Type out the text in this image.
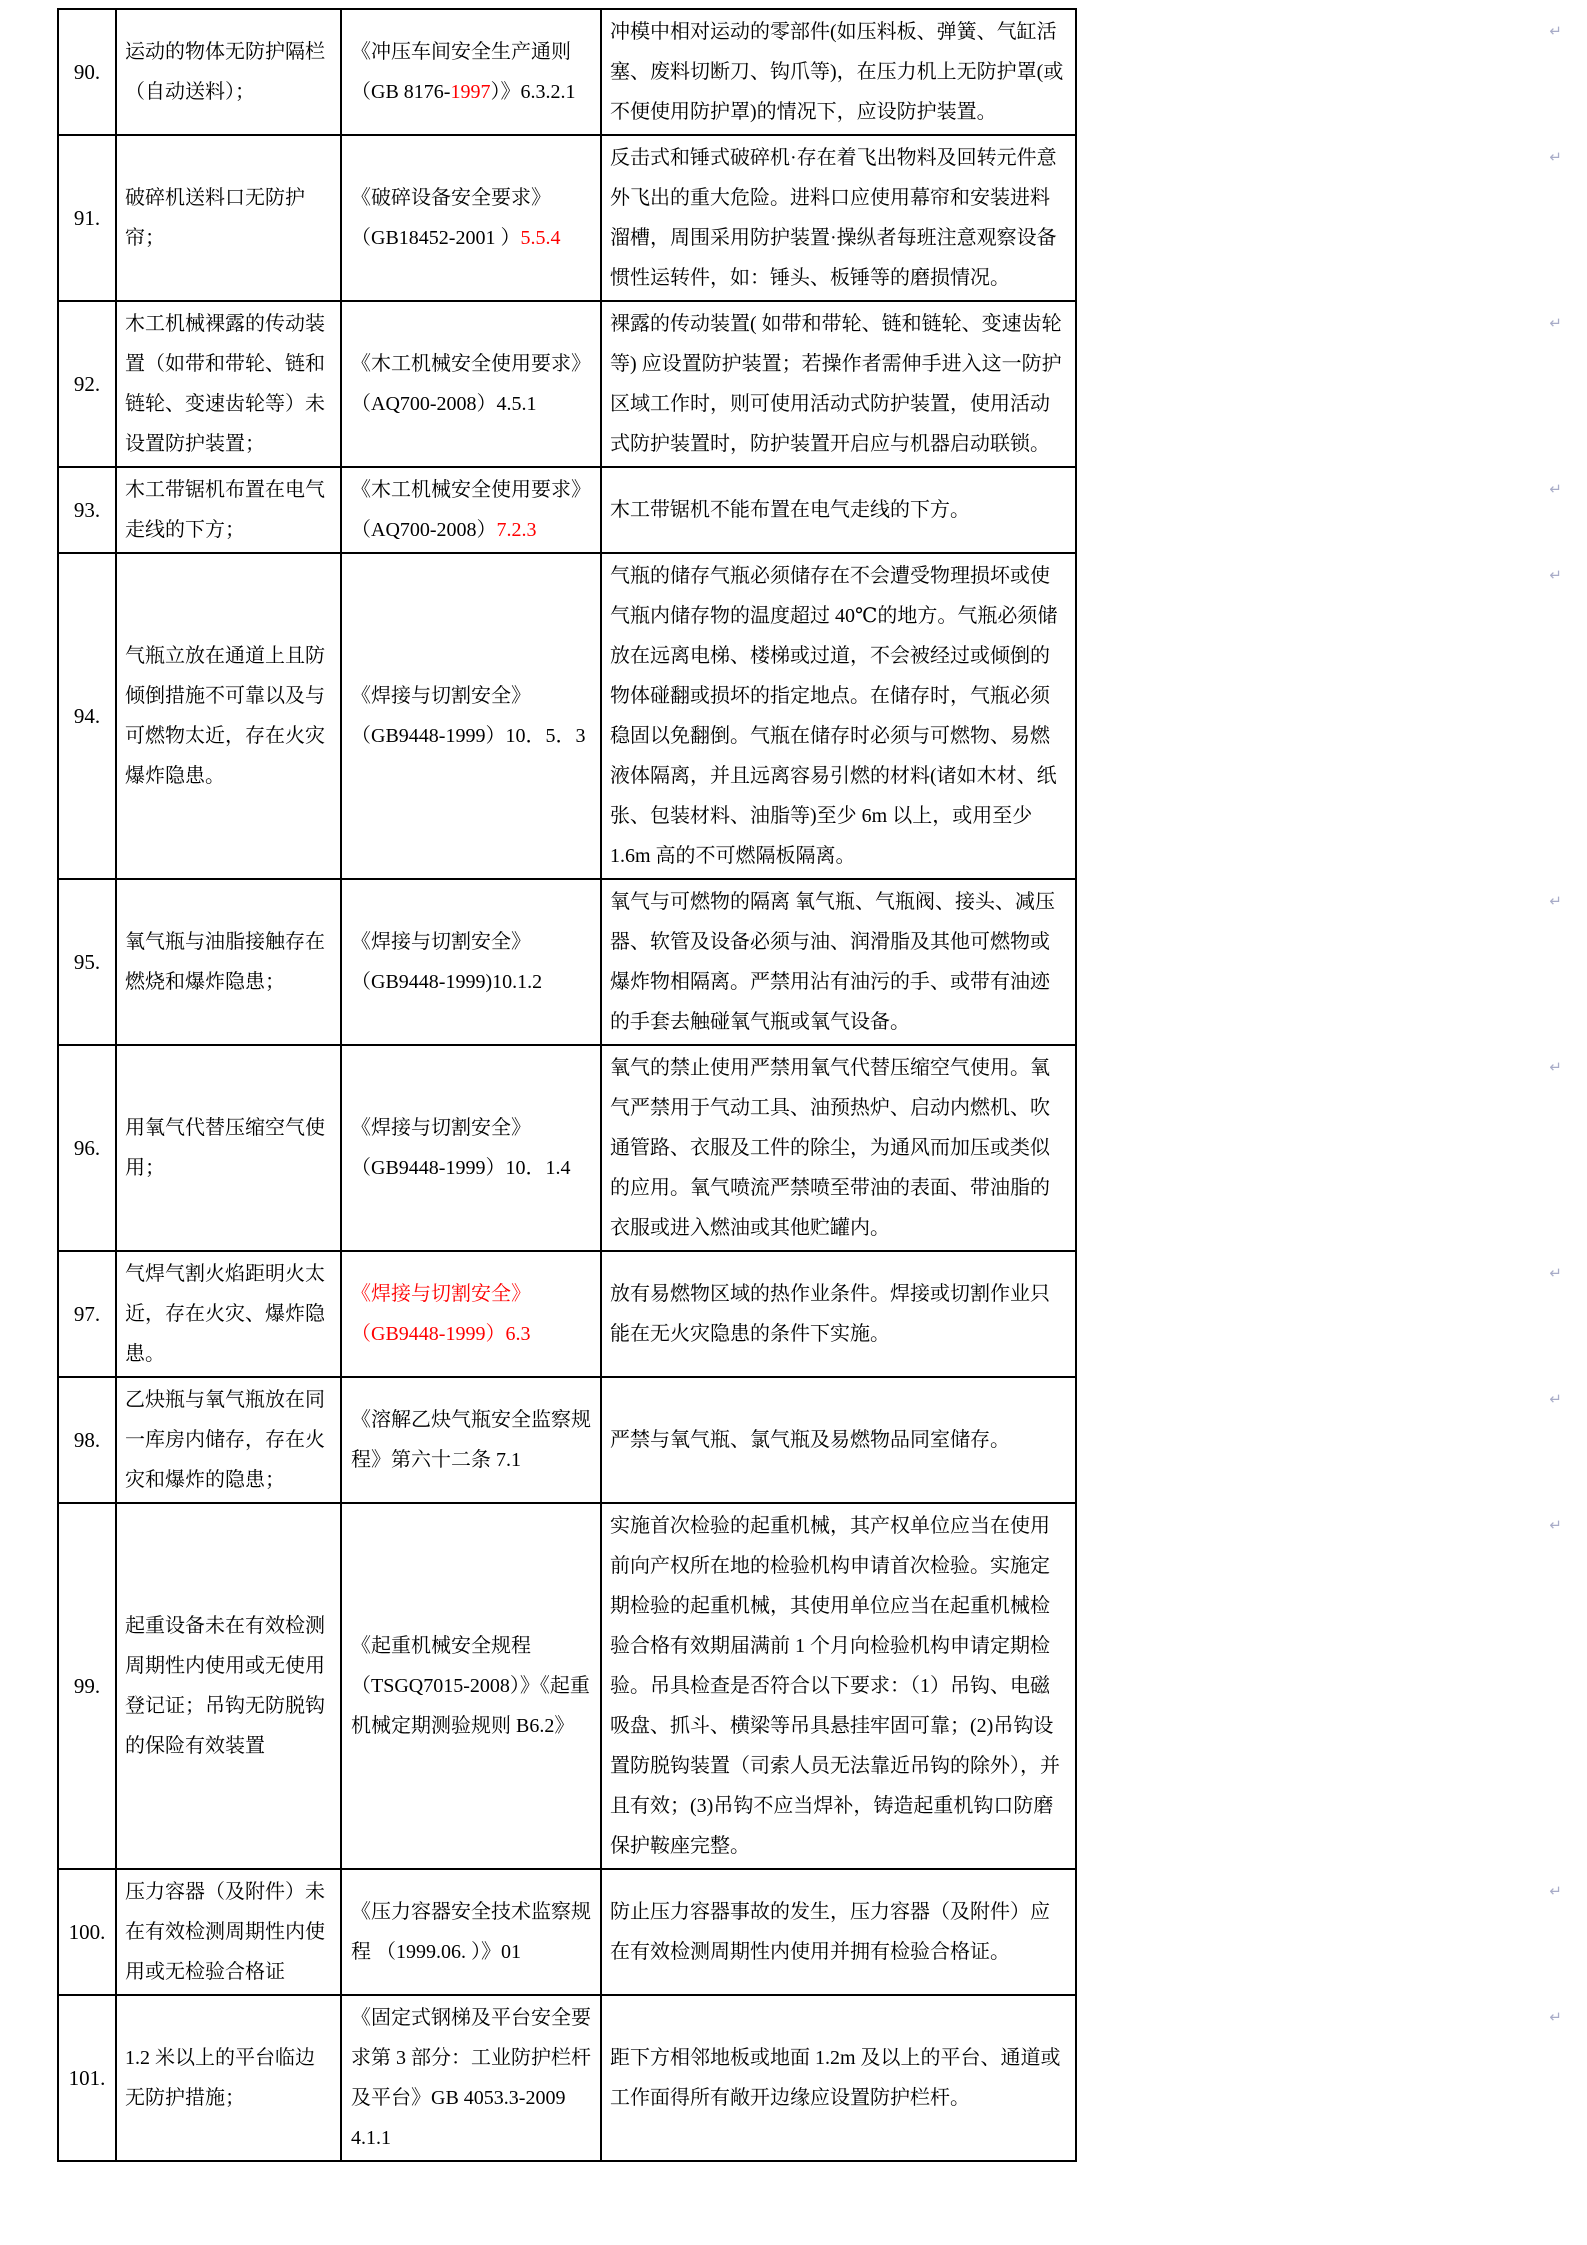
90.	运动的物体无防护隔栏（自动送料）；	《冲压车间安全生产通则（GB 8176-1997）》6.3.2.1	冲模中相对运动的零部件(如压料板、弹簧、气缸活塞、废料切断刀、钩爪等)，在压力机上无防护罩(或不便使用防护罩)的情况下，应设防护装置。
↵

91.	破碎机送料口无防护帘；	《破碎设备安全要求》（GB18452-2001 ）5.5.4	反击式和锤式破碎机·存在着飞出物料及回转元件意外飞出的重大危险。进料口应使用幕帘和安装进料溜槽，周围采用防护装置·操纵者每班注意观察设备惯性运转件，如：锤头、板锤等的磨损情况。
↵

92.	木工机械裸露的传动装置（如带和带轮、链和链轮、变速齿轮等）未设置防护装置；	《木工机械安全使用要求》（AQ700-2008）4.5.1	裸露的传动装置( 如带和带轮、链和链轮、变速齿轮等) 应设置防护装置；若操作者需伸手进入这一防护区域工作时，则可使用活动式防护装置，使用活动式防护装置时，防护装置开启应与机器启动联锁。
↵

93.	木工带锯机布置在电气走线的下方；	《木工机械安全使用要求》（AQ700-2008）7.2.3	木工带锯机不能布置在电气走线的下方。
↵

94.	气瓶立放在通道上且防倾倒措施不可靠以及与可燃物太近，存在火灾爆炸隐患。	《焊接与切割安全》（GB9448-1999）10．5．3	气瓶的储存气瓶必须储存在不会遭受物理损坏或使气瓶内储存物的温度超过 40℃的地方。气瓶必须储放在远离电梯、楼梯或过道，不会被经过或倾倒的物体碰翻或损坏的指定地点。在储存时，气瓶必须稳固以免翻倒。气瓶在储存时必须与可燃物、易燃液体隔离，并且远离容易引燃的材料(诸如木材、纸张、包装材料、油脂等)至少 6m 以上，或用至少 1.6m 高的不可燃隔板隔离。
↵

95.	氧气瓶与油脂接触存在燃烧和爆炸隐患；	《焊接与切割安全》（GB9448-1999)10.1.2	氧气与可燃物的隔离 氧气瓶、气瓶阀、接头、减压器、软管及设备必须与油、润滑脂及其他可燃物或爆炸物相隔离。严禁用沾有油污的手、或带有油迹的手套去触碰氧气瓶或氧气设备。
↵

96.	用氧气代替压缩空气使用；	《焊接与切割安全》（GB9448-1999）10．1.4	氧气的禁止使用严禁用氧气代替压缩空气使用。氧气严禁用于气动工具、油预热炉、启动内燃机、吹通管路、衣服及工件的除尘，为通风而加压或类似的应用。氧气喷流严禁喷至带油的表面、带油脂的衣服或进入燃油或其他贮罐内。
↵

97.	气焊气割火焰距明火太近，存在火灾、爆炸隐患。	《焊接与切割安全》（GB9448-1999）6.3	放有易燃物区域的热作业条件。焊接或切割作业只能在无火灾隐患的条件下实施。
↵

98.	乙炔瓶与氧气瓶放在同一库房内储存，存在火灾和爆炸的隐患；	《溶解乙炔气瓶安全监察规程》第六十二条 7.1	严禁与氧气瓶、氯气瓶及易燃物品同室储存。
↵

99.	起重设备未在有效检测周期性内使用或无使用登记证；吊钩无防脱钩的保险有效装置	《起重机械安全规程（TSGQ7015-2008）》《起重机械定期测验规则 B6.2》	实施首次检验的起重机械，其产权单位应当在使用前向产权所在地的检验机构申请首次检验。实施定期检验的起重机械，其使用单位应当在起重机械检 验合格有效期届满前 1 个月向检验机构申请定期检验。吊具检查是否符合以下要求：（1）吊钩、电磁吸盘、抓斗、横梁等吊具悬挂牢固可靠；(2)吊钩设置防脱钩装置（司索人员无法靠近吊钩的除外），并且有效；(3)吊钩不应当焊补，铸造起重机钩口防磨保护鞍座完整。
↵

100.	压力容器（及附件）未在有效检测周期性内使用或无检验合格证	《压力容器安全技术监察规程 （1999.06. ）》01	防止压力容器事故的发生，压力容器（及附件）应在有效检测周期性内使用并拥有检验合格证。
↵

101.	1.2 米以上的平台临边无防护措施；	《固定式钢梯及平台安全要求第 3 部分：工业防护栏杆及平台》GB 4053.3-2009 4.1.1	距下方相邻地板或地面 1.2m 及以上的平台、通道或工作面得所有敞开边缘应设置防护栏杆。
↵
